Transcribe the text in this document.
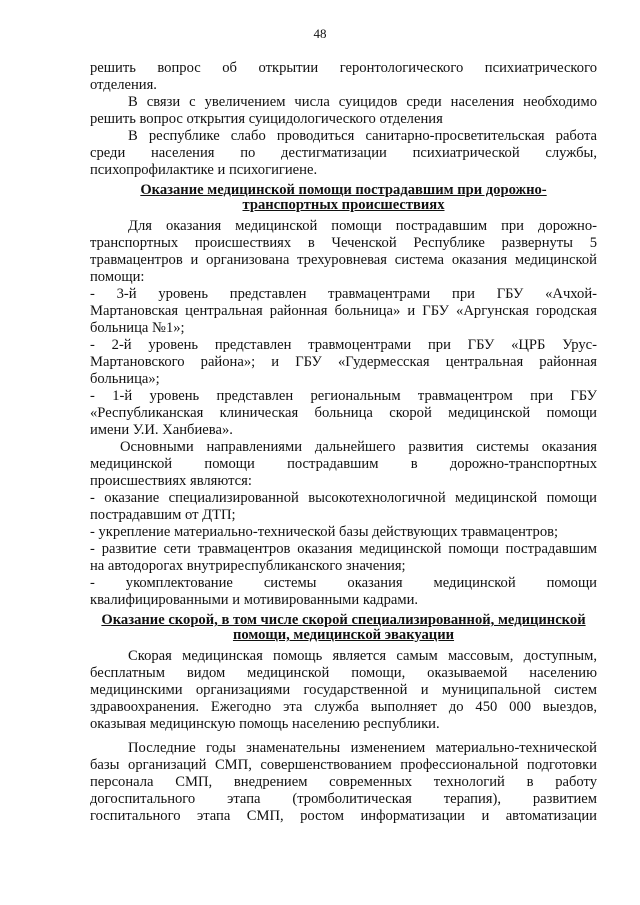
48

решить вопрос об открытии геронтологического психиатрического

отделения.

В связи с увеличением числа суицидов среди населения необходимо

решить вопрос открытия суицидологического отделения

В республике слабо проводиться санитарно-просветительская работа

среди населения по дестигматизации психиатрической службы,

психопрофилактике и психогигиене.

Оказание медицинской помощи пострадавшим при дорожно-
транспортных происшествиях

Для оказания медицинской помощи пострадавшим при дорожно-

транспортных происшествиях в Чеченской Республике развернуты 5

травмацентров и организована трехуровневая система оказания медицинской

помощи:

- 3-й уровень представлен травмацентрами при ГБУ «Ачхой-

Мартановская центральная районная больница» и ГБУ «Аргунская городская

больница №1»;

- 2-й уровень представлен травмоцентрами при ГБУ «ЦРБ Урус-

Мартановского района»; и ГБУ «Гудермесская центральная районная

больница»;

- 1-й уровень представлен региональным травмацентром при ГБУ

«Республиканская клиническая больница скорой медицинской помощи

имени У.И. Ханбиева».

Основными направлениями дальнейшего развития системы оказания

медицинской помощи пострадавшим в дорожно-транспортных

происшествиях являются:

- оказание специализированной высокотехнологичной медицинской помощи

пострадавшим от ДТП;

- укрепление материально-технической базы действующих травмацентров;

- развитие сети травмацентров оказания медицинской помощи пострадавшим

на автодорогах внутриреспубликанского значения;

- укомплектование системы оказания медицинской помощи

квалифицированными и мотивированными кадрами.

Оказание скорой, в том числе скорой специализированной, медицинской
помощи, медицинской эвакуации

Скорая медицинская помощь является самым массовым, доступным,

бесплатным видом медицинской помощи, оказываемой населению

медицинскими организациями государственной и муниципальной систем

здравоохранения. Ежегодно эта служба выполняет до 450 000 выездов,

оказывая медицинскую помощь населению республики.

Последние годы знаменательны изменением материально-технической

базы организаций СМП, совершенствованием профессиональной подготовки

персонала СМП, внедрением современных технологий в работу

догоспитального этапа (тромболитическая терапия), развитием

госпитального этапа СМП, ростом информатизации и автоматизации
